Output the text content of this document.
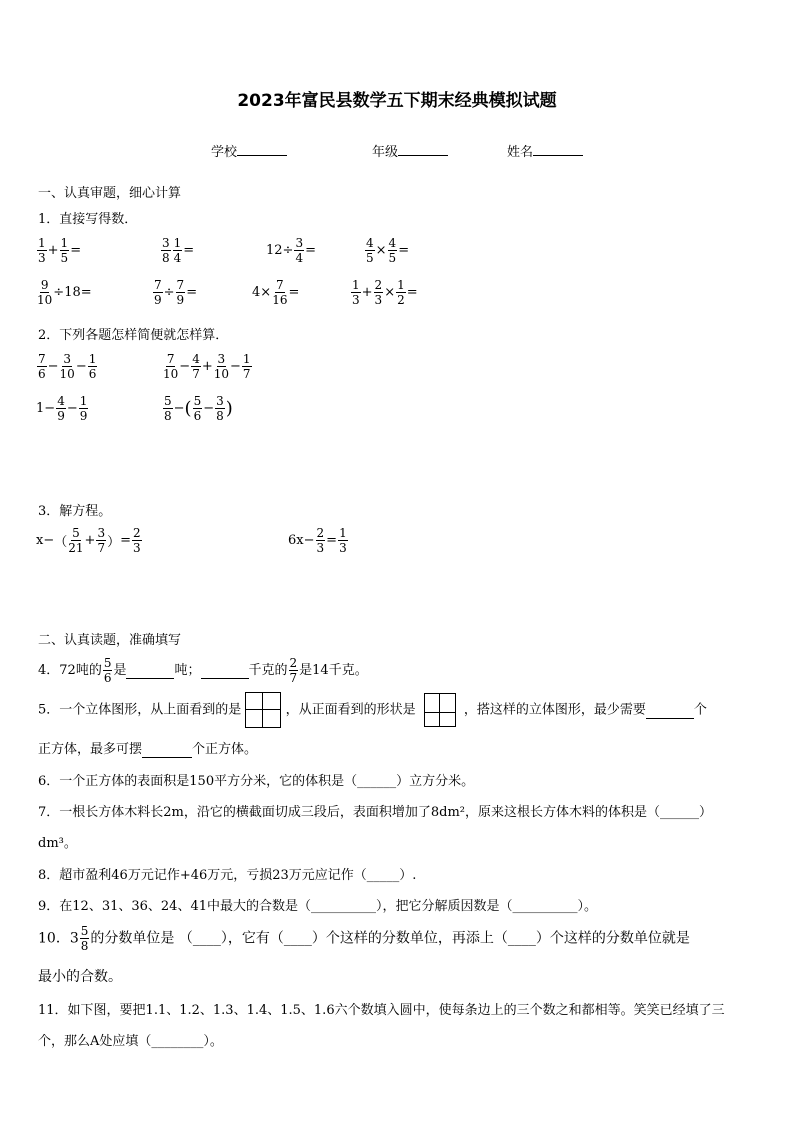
2023年富民县数学五下期末经典模拟试题
学校	年级	姓名
一、认真审题，细心计算
1．直接写得数．
$\frac{1}{3} + \frac{1}{5}$ =	$\frac{3}{8} \frac{1}{4}$ =	$12\div \frac{3}{4}$ =	$\frac{4}{5} \times \frac{4}{5}$ =
$\frac{9}{10} \div 18=$	$\frac{7}{9} \div \frac{7}{9}$ =	$4\times \frac{7}{16}$ =	$\frac{1}{3} + \frac{2}{3} \times \frac{1}{2}$ =
2．下列各题怎样简便就怎样算．
$\frac{7}{6} - \frac{3}{10} - \frac{1}{6}$	$\frac{7}{10} - \frac{4}{7} + \frac{3}{10} - \frac{1}{7}$
$1- \frac{4}{9} - \frac{1}{9}$	$\frac{5}{8}$ −( $\frac{5}{6} - \frac{3}{8}$ )
3．解方程。
$x-( \frac{5}{21} + \frac{3}{7}$ ）= $\frac{2}{3}$	$6x- \frac{2}{3} = \frac{1}{3}$
二、认真读题，准确填写
4．72吨的 $\frac{5}{6}$ 是	吨；	千克的 $\frac{2}{7}$ 是14千克。
5．一个立体图形，从上面看到的是	，从正面看到的形状是	，搭这样的立体图形，最少需要	个
正方体，最多可摆	个正方体。
6．一个正方体的表面积是150平方分米，它的体积是（______）立方分米。
7．一根长方体木料长2m，沿它的横截面切成三段后，表面积增加了8dm²，原来这根长方体木料的体积是（______）
dm³。
8．超市盈利46万元记作+46万元，亏损23万元应记作（_____）.
9．在12、31、36、24、41中最大的合数是（__________），把它分解质因数是（__________）。
10．$3 \frac{5}{8}$ 的分数单位是 （____），它有（____）个这样的分数单位，再添上（____）个这样的分数单位就是
最小的合数。
11．如下图，要把1.1、1.2、1.3、1.4、1.5、1.6六个数填入圆中，使每条边上的三个数之和都相等。笑笑已经填了三
个，那么A处应填（________）。
